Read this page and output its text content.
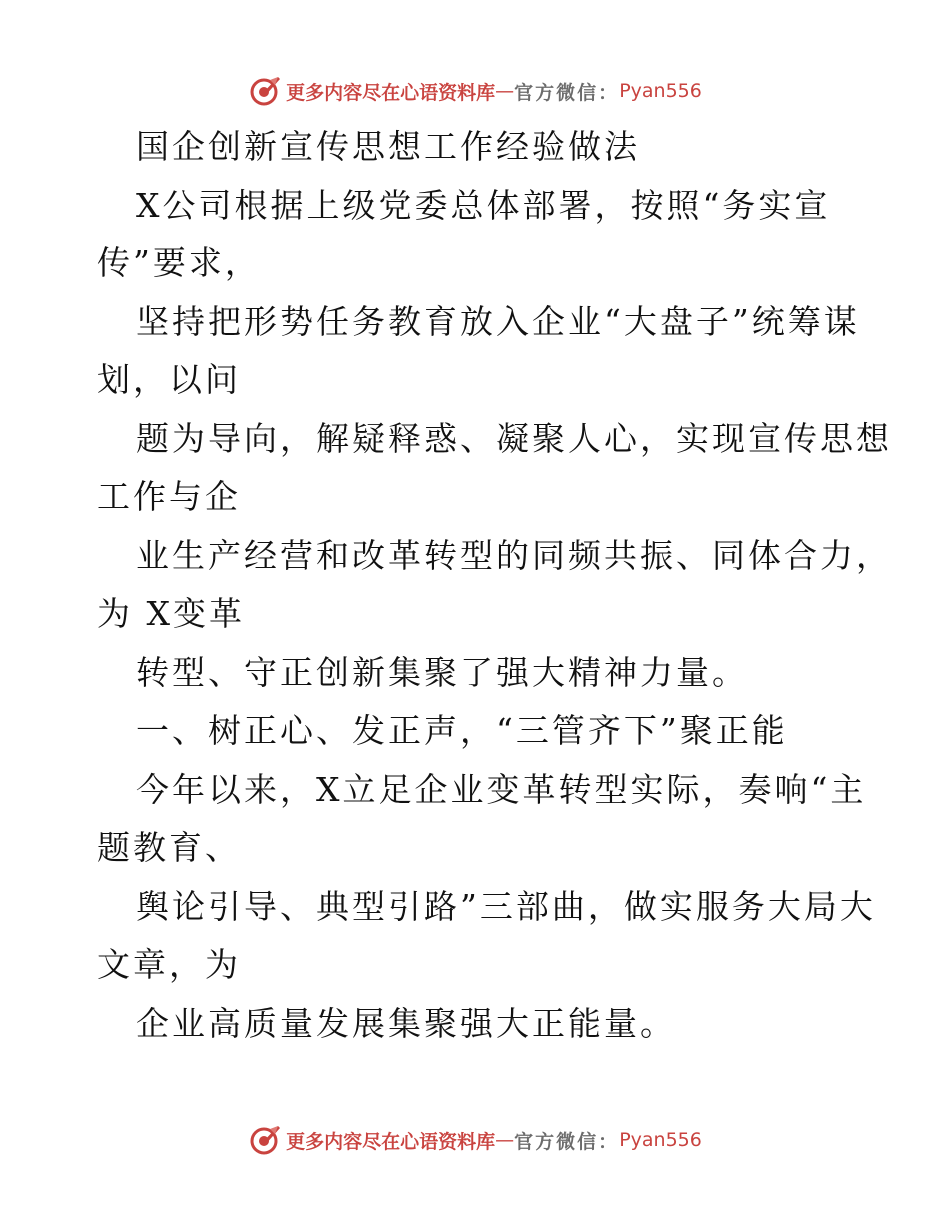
更多内容尽在心语资料库 — 官方微信： Pyan556
国企创新宣传思想工作经验做法
X公司根据上级党委总体部署，按照“务实宣
传”要求，
坚持把形势任务教育放入企业“大盘子”统筹谋
划，以问
题为导向，解疑释惑、凝聚人心，实现宣传思想
工作与企
业生产经营和改革转型的同频共振、同体合力，
为 X变革
转型、守正创新集聚了强大精神力量。
一、树正心、发正声，“三管齐下”聚正能
今年以来，X立足企业变革转型实际，奏响“主
题教育、
舆论引导、典型引路”三部曲，做实服务大局大
文章，为
企业高质量发展集聚强大正能量。
更多内容尽在心语资料库 — 官方微信： Pyan556
